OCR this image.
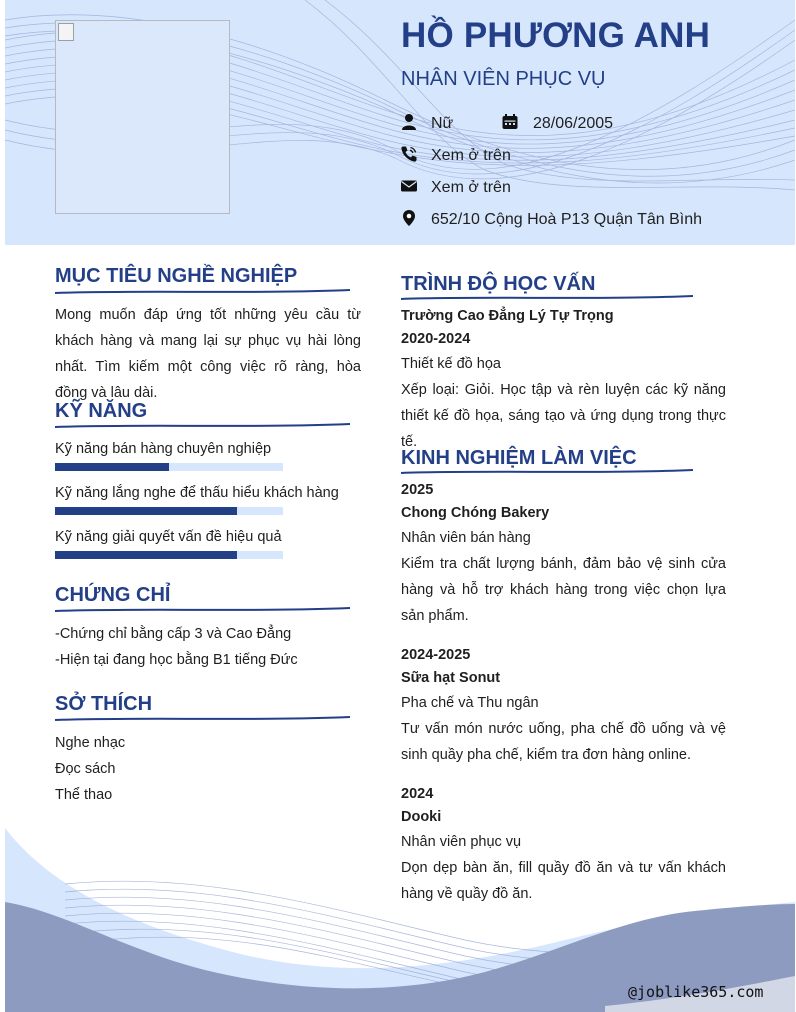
HỒ PHƯƠNG ANH
NHÂN VIÊN PHỤC VỤ
Nữ	28/06/2005
Xem ở trên
Xem ở trên
652/10 Cộng Hoà P13 Quận Tân Bình
@joblike365.com
MỤC TIÊU NGHỀ NGHIỆP
Mong muốn đáp ứng tốt những yêu cầu từ khách hàng và mang lại sự phục vụ hài lòng nhất. Tìm kiếm một công việc rõ ràng, hòa đồng và lâu dài.
KỸ NĂNG
Kỹ năng bán hàng chuyên nghiệp
Kỹ năng lắng nghe để thấu hiểu khách hàng
Kỹ năng giải quyết vấn đề hiệu quả
CHỨNG CHỈ
-Chứng chỉ bằng cấp 3 và Cao Đẳng
-Hiện tại đang học bằng B1 tiếng Đức
SỞ THÍCH
Nghe nhạc
Đọc sách
Thể thao
TRÌNH ĐỘ HỌC VẤN
Trường Cao Đẳng Lý Tự Trọng
2020-2024
Thiết kế đồ họa
Xếp loại: Giỏi. Học tập và rèn luyện các kỹ năng thiết kế đồ họa, sáng tạo và ứng dụng trong thực tế.
KINH NGHIỆM LÀM VIỆC
2025
Chong Chóng Bakery
Nhân viên bán hàng
Kiểm tra chất lượng bánh, đảm bảo vệ sinh cửa hàng và hỗ trợ khách hàng trong việc chọn lựa sản phẩm.
2024-2025
Sữa hạt Sonut
Pha chế và Thu ngân
Tư vấn món nước uống, pha chế đồ uống và vệ sinh quầy pha chế, kiểm tra đơn hàng online.
2024
Dooki
Nhân viên phục vụ
Dọn dẹp bàn ăn, fill quầy đồ ăn và tư vấn khách hàng về quầy đồ ăn.
